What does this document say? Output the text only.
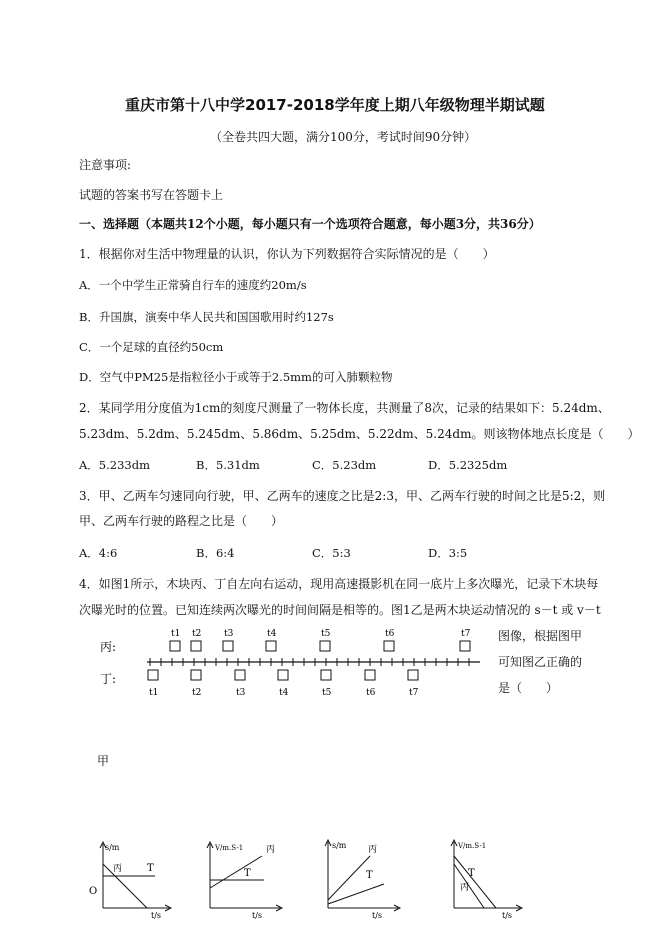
重庆市第十八中学2017-2018学年度上期八年级物理半期试题
（全卷共四大题，满分100分，考试时间90分钟）
注意事项:
试题的答案书写在答题卡上
一、选择题（本题共12个小题，每小题只有一个选项符合题意，每小题3分，共36分）
1．根据你对生活中物理量的认识，你认为下列数据符合实际情况的是（　　）
A．一个中学生正常骑自行车的速度约20m/s
B．升国旗，演奏中华人民共和国国歌用时约127s
C．一个足球的直径约50cm
D．空气中PM25是指粒径小于或等于2.5mm的可入肺颗粒物
2．某同学用分度值为1cm的刻度尺测量了一物体长度，共测量了8次，记录的结果如下：5.24dm、
5.23dm、5.2dm、5.245dm、5.86dm、5.25dm、5.22dm、5.24dm。则该物体地点长度是（　　）
A．5.233dm	B．5.31dm	C．5.23dm	D．5.2325dm
3．甲、乙两车匀速同向行驶，甲、乙两车的速度之比是2:3，甲、乙两车行驶的时间之比是5:2，则
甲、乙两车行驶的路程之比是（　　）
A．4:6	B．6:4	C．5:3	D．3:5
4．如图1所示，木块丙、丁自左向右运动，现用高速摄影机在同一底片上多次曝光，记录下木块每
次曝光时的位置。已知连续两次曝光的时间间隔是相等的。图1乙是两木块运动情况的 s－t 或 v－t
图像，根据图甲
可知图乙正确的
是（　　）
丙:
丁:
t1 t2	t3	t4	t5	t6	t7
t1	t2	t3	t4	t5	t6	t7
甲
s/m
t/s
O
丙 T
V/m.S-1
t/s
丙
T
s/m
t/s
丙
T
V/m.S-1
t/s
丙
T
